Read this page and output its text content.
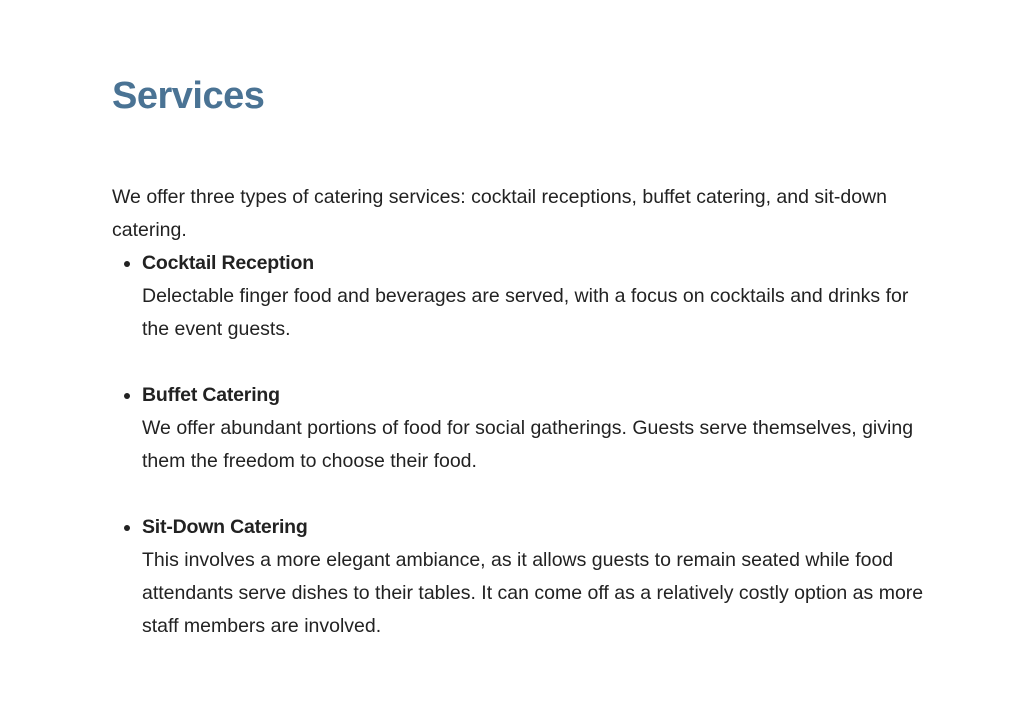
Services

We offer three types of catering services: cocktail receptions, buffet catering, and sit-down catering.

• Cocktail Reception
Delectable finger food and beverages are served, with a focus on cocktails and drinks for the event guests.
• Buffet Catering
We offer abundant portions of food for social gatherings. Guests serve themselves, giving them the freedom to choose their food.
• Sit-Down Catering
This involves a more elegant ambiance, as it allows guests to remain seated while food attendants serve dishes to their tables. It can come off as a relatively costly option as more staff members are involved.
